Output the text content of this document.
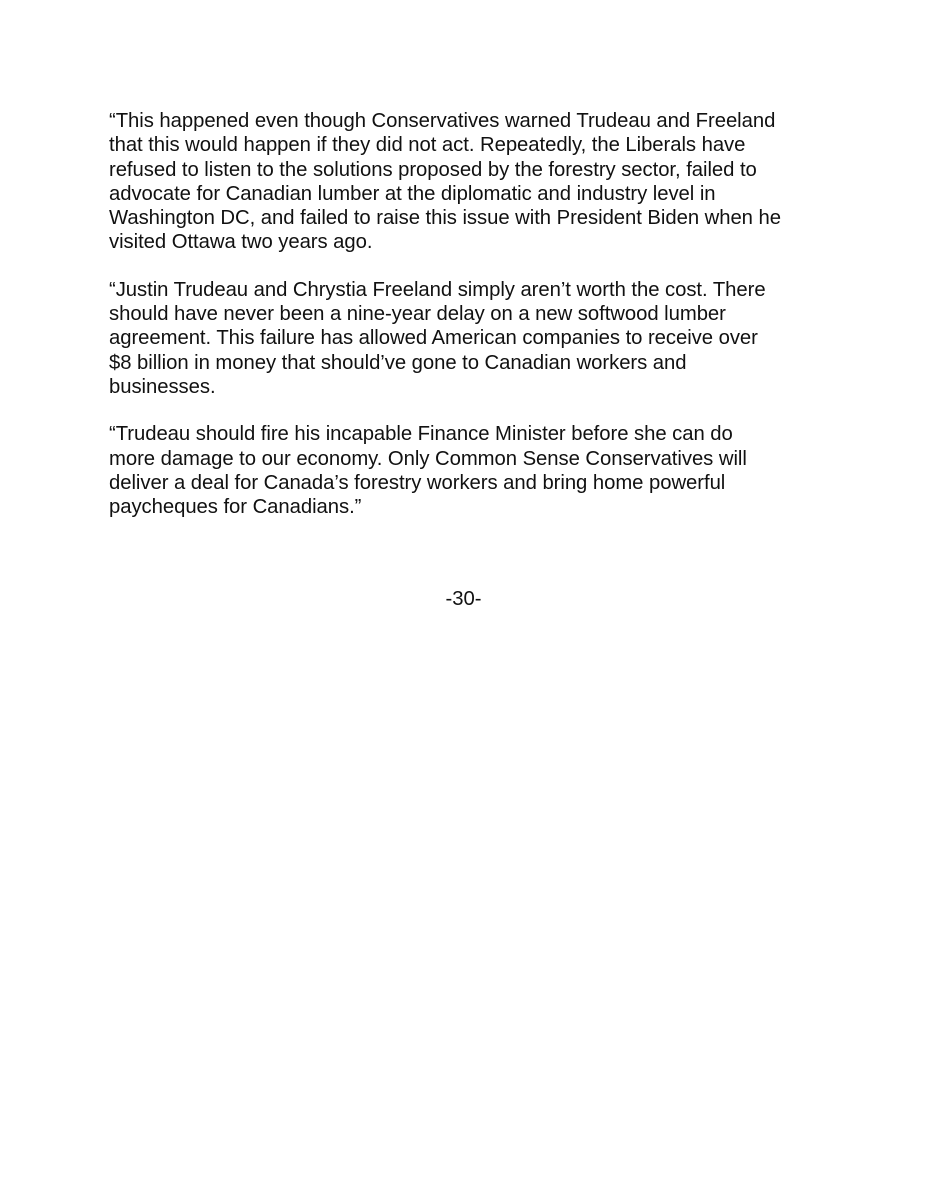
“This happened even though Conservatives warned Trudeau and Freeland
that this would happen if they did not act. Repeatedly, the Liberals have
refused to listen to the solutions proposed by the forestry sector, failed to
advocate for Canadian lumber at the diplomatic and industry level in
Washington DC, and failed to raise this issue with President Biden when he
visited Ottawa two years ago.

“Justin Trudeau and Chrystia Freeland simply aren’t worth the cost. There
should have never been a nine-year delay on a new softwood lumber
agreement. This failure has allowed American companies to receive over
$8 billion in money that should’ve gone to Canadian workers and
businesses.

“Trudeau should fire his incapable Finance Minister before she can do
more damage to our economy. Only Common Sense Conservatives will
deliver a deal for Canada’s forestry workers and bring home powerful
paycheques for Canadians.”

-30-
